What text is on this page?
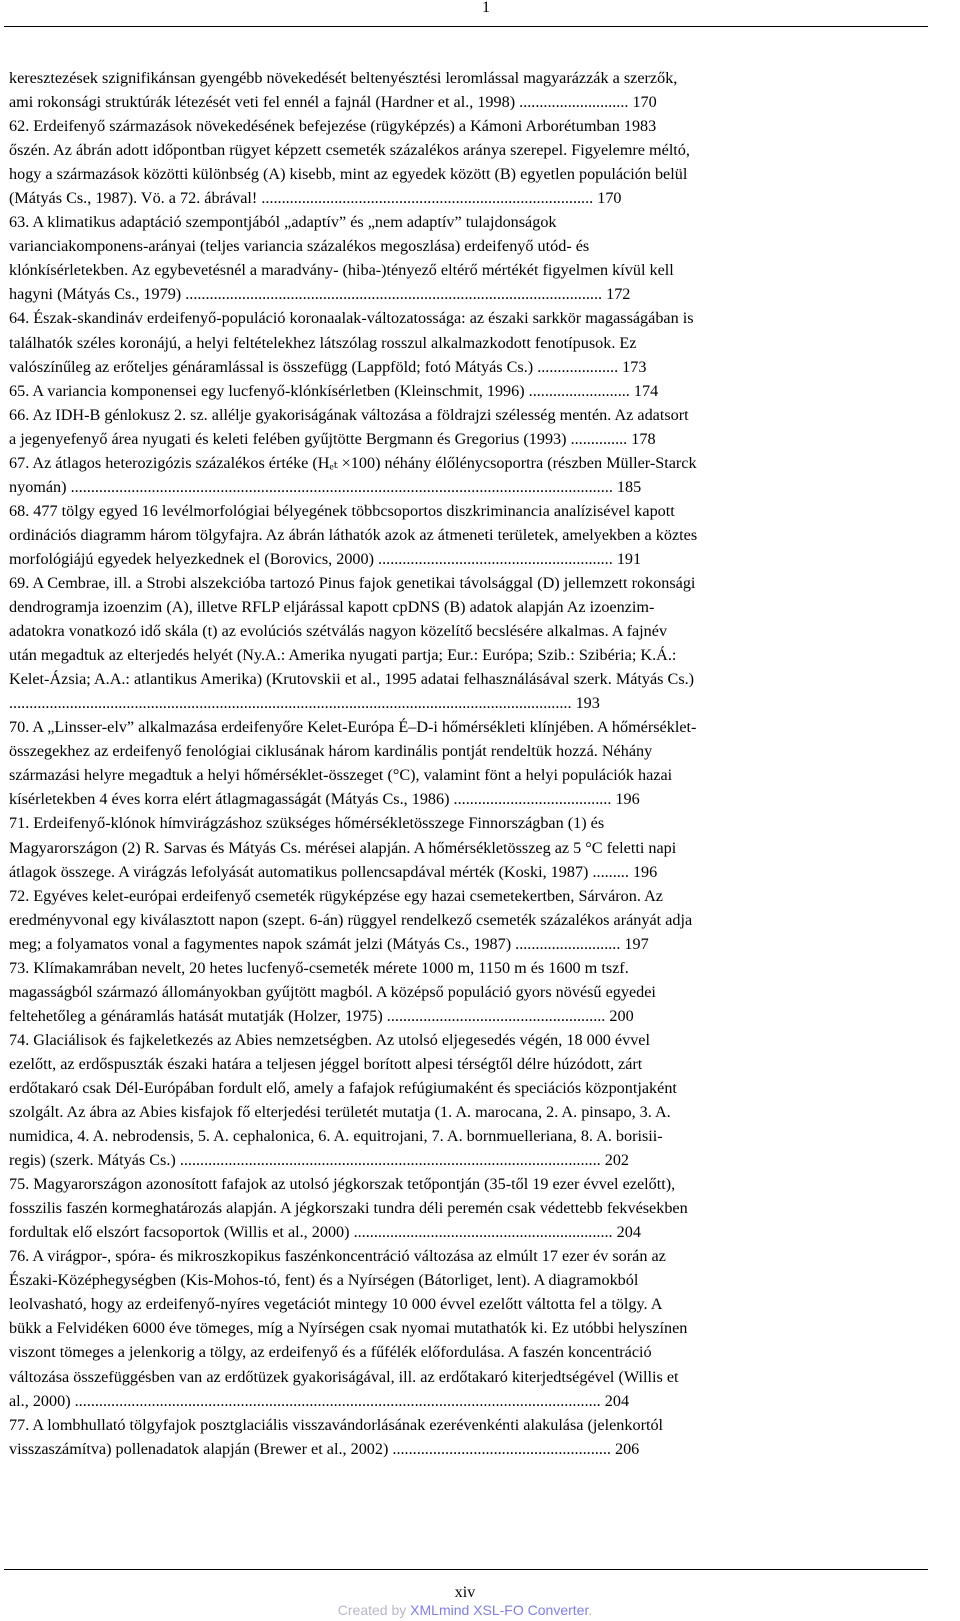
1
keresztezések szignifikánsan gyengébb növekedését beltenyésztési leromlással magyarázzák a szerzők,
ami rokonsági struktúrák létezését veti fel ennél a fajnál (Hardner et al., 1998) ........................... 170
62. Erdeifenyő származások növekedésének befejezése (rügyképzés) a Kámoni Arborétumban 1983
őszén. Az ábrán adott időpontban rügyet képzett csemeték százalékos aránya szerepel. Figyelemre méltó,
hogy a származások közötti különbség (A) kisebb, mint az egyedek között (B) egyetlen populáción belül
(Mátyás Cs., 1987). Vö. a 72. ábrával! .................................................................................. 170
63. A klimatikus adaptáció szempontjából „adaptív” és „nem adaptív” tulajdonságok
varianciakomponens-arányai (teljes variancia százalékos megoszlása) erdeifenyő utód- és
klónkísérletekben. Az egybevetésnél a maradvány- (hiba-)tényező eltérő mértékét figyelmen kívül kell
hagyni (Mátyás Cs., 1979) ....................................................................................................... 172
64. Észak-skandináv erdeifenyő-populáció koronaalak-változatossága: az északi sarkkör magasságában is
találhatók széles koronájú, a helyi feltételekhez látszólag rosszul alkalmazkodott fenotípusok. Ez
valószínűleg az erőteljes génáramlással is összefügg (Lappföld; fotó Mátyás Cs.) .................... 173
65. A variancia komponensei egy lucfenyő-klónkísérletben (Kleinschmit, 1996) ......................... 174
66. Az IDH-B génlokusz 2. sz. allélje gyakoriságának változása a földrajzi szélesség mentén. Az adatsort
a jegenyefenyő área nyugati és keleti felében gyűjtötte Bergmann és Gregorius (1993) .............. 178
67. Az átlagos heterozigózis százalékos értéke (Hₑₜ ×100) néhány élőlénycsoportra (részben Müller-Starck
nyomán) ...................................................................................................................................... 185
68. 477 tölgy egyed 16 levélmorfológiai bélyegének többcsoportos diszkriminancia analízisével kapott
ordinációs diagramm három tölgyfajra. Az ábrán láthatók azok az átmeneti területek, amelyekben a köztes
morfológiájú egyedek helyezkednek el (Borovics, 2000) .......................................................... 191
69. A Cembrae, ill. a Strobi alszekcióba tartozó Pinus fajok genetikai távolsággal (D) jellemzett rokonsági
dendrogramja izoenzim (A), illetve RFLP eljárással kapott cpDNS (B) adatok alapján Az izoenzim-
adatokra vonatkozó idő skála (t) az evolúciós szétválás nagyon közelítő becslésére alkalmas. A fajnév
után megadtuk az elterjedés helyét (Ny.A.: Amerika nyugati partja; Eur.: Európa; Szib.: Szibéria; K.Á.:
Kelet-Ázsia; A.A.: atlantikus Amerika) (Krutovskii et al., 1995 adatai felhasználásával szerk. Mátyás Cs.)
........................................................................................................................................... 193
70. A „Linsser-elv” alkalmazása erdeifenyőre Kelet-Európa É–D-i hőmérsékleti klínjében. A hőmérséklet-
összegekhez az erdeifenyő fenológiai ciklusának három kardinális pontját rendeltük hozzá. Néhány
származási helyre megadtuk a helyi hőmérséklet-összeget (°C), valamint fönt a helyi populációk hazai
kísérletekben 4 éves korra elért átlagmagasságát (Mátyás Cs., 1986) ....................................... 196
71. Erdeifenyő-klónok hímvirágzáshoz szükséges hőmérsékletösszege Finnországban (1) és
Magyarországon (2) R. Sarvas és Mátyás Cs. mérései alapján. A hőmérsékletösszeg az 5 °C feletti napi
átlagok összege. A virágzás lefolyását automatikus pollencsapdával mérték (Koski, 1987) ......... 196
72. Egyéves kelet-európai erdeifenyő csemeték rügyképzése egy hazai csemetekertben, Sárváron. Az
eredményvonal egy kiválasztott napon (szept. 6-án) rüggyel rendelkező csemeték százalékos arányát adja
meg; a folyamatos vonal a fagymentes napok számát jelzi (Mátyás Cs., 1987) .......................... 197
73. Klímakamrában nevelt, 20 hetes lucfenyő-csemeték mérete 1000 m, 1150 m és 1600 m tszf.
magasságból származó állományokban gyűjtött magból. A középső populáció gyors növésű egyedei
feltehetőleg a génáramlás hatását mutatják (Holzer, 1975) ...................................................... 200
74. Glaciálisok és fajkeletkezés az Abies nemzetségben. Az utolsó eljegesedés végén, 18 000 évvel
ezelőtt, az erdőspuszták északi határa a teljesen jéggel borított alpesi térségtől délre húzódott, zárt
erdőtakaró csak Dél-Európában fordult elő, amely a fafajok refúgiumaként és speciációs központjaként
szolgált. Az ábra az Abies kisfajok fő elterjedési területét mutatja (1. A. marocana, 2. A. pinsapo, 3. A.
numidica, 4. A. nebrodensis, 5. A. cephalonica, 6. A. equitrojani, 7. A. bornmuelleriana, 8. A. borisii-
regis) (szerk. Mátyás Cs.) ........................................................................................................ 202
75. Magyarországon azonosított fafajok az utolsó jégkorszak tetőpontján (35-től 19 ezer évvel ezelőtt),
fosszilis faszén kormeghatározás alapján. A jégkorszaki tundra déli peremén csak védettebb fekvésekben
fordultak elő elszórt facsoportok (Willis et al., 2000) ................................................................ 204
76. A virágpor-, spóra- és mikroszkopikus faszénkoncentráció változása az elmúlt 17 ezer év során az
Északi-Középhegységben (Kis-Mohos-tó, fent) és a Nyírségen (Bátorliget, lent). A diagramokból
leolvasható, hogy az erdeifenyő-nyíres vegetációt mintegy 10 000 évvel ezelőtt váltotta fel a tölgy. A
bükk a Felvidéken 6000 éve tömeges, míg a Nyírségen csak nyomai mutathatók ki. Ez utóbbi helyszínen
viszont tömeges a jelenkorig a tölgy, az erdeifenyő és a fűfélék előfordulása. A faszén koncentráció
változása összefüggésben van az erdőtüzek gyakoriságával, ill. az erdőtakaró kiterjedtségével (Willis et
al., 2000) .................................................................................................................................. 204
77. A lombhullató tölgyfajok posztglaciális visszavándorlásának ezerévenkénti alakulása (jelenkortól
visszaszámítva) pollenadatok alapján (Brewer et al., 2002) ...................................................... 206
xiv
Created by XMLmind XSL-FO Converter.
